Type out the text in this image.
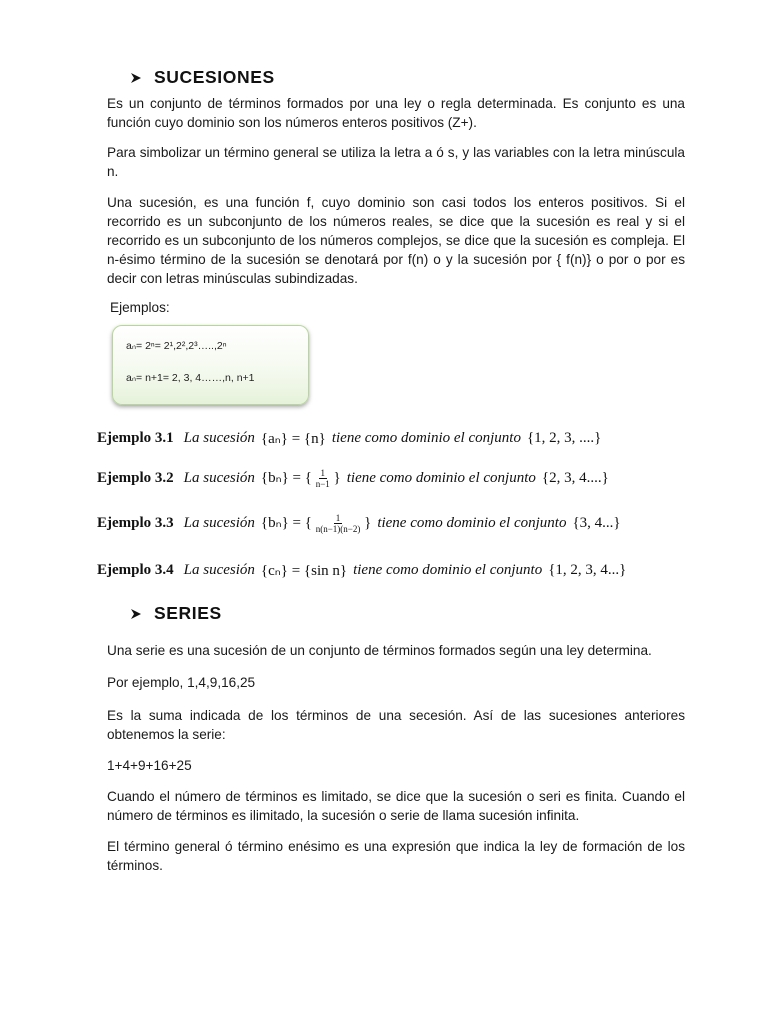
SUCESIONES

Es un conjunto de términos formados por una ley o regla determinada. Es conjunto es una función cuyo dominio son los números enteros positivos (Z+).

Para simbolizar un término general se utiliza la letra a ó s, y las variables con la letra minúscula n.

Una sucesión, es una función f, cuyo dominio son casi todos los enteros positivos. Si el recorrido es un subconjunto de los números reales, se dice que la sucesión es real y si el recorrido es un subconjunto de los números complejos, se dice que la sucesión es compleja. El n-ésimo término de la sucesión se denotará por f(n) o y la sucesión por { f(n)} o por o por es decir con letras minúsculas subindizadas.

Ejemplos:
aₙ= 2ⁿ= 2¹,2²,2³…..,2ⁿ
aₙ= n+1= 2, 3, 4……,n, n+1
Ejemplo 3.1 La sucesión {aₙ} = {n} tiene como dominio el conjunto {1, 2, 3, ....}
Ejemplo 3.2 La sucesión {bₙ} = { $\frac{1}{n-1}$ } tiene como dominio el conjunto {2, 3, 4....}
Ejemplo 3.3 La sucesión {bₙ} = { $\frac{1}{n(n-1)(n-2)}$ } tiene como dominio el conjunto {3, 4...}
Ejemplo 3.4 La sucesión {cₙ} = {sin n} tiene como dominio el conjunto {1, 2, 3, 4...}
SERIES

Una serie es una sucesión de un conjunto de términos formados según una ley determina.

Por ejemplo, 1,4,9,16,25

Es la suma indicada de los términos de una secesión. Así de las sucesiones anteriores obtenemos la serie:

1+4+9+16+25

Cuando el número de términos es limitado, se dice que la sucesión o seri es finita. Cuando el número de términos es ilimitado, la sucesión o serie de llama sucesión infinita.

El término general ó término enésimo es una expresión que indica la ley de formación de los términos.
